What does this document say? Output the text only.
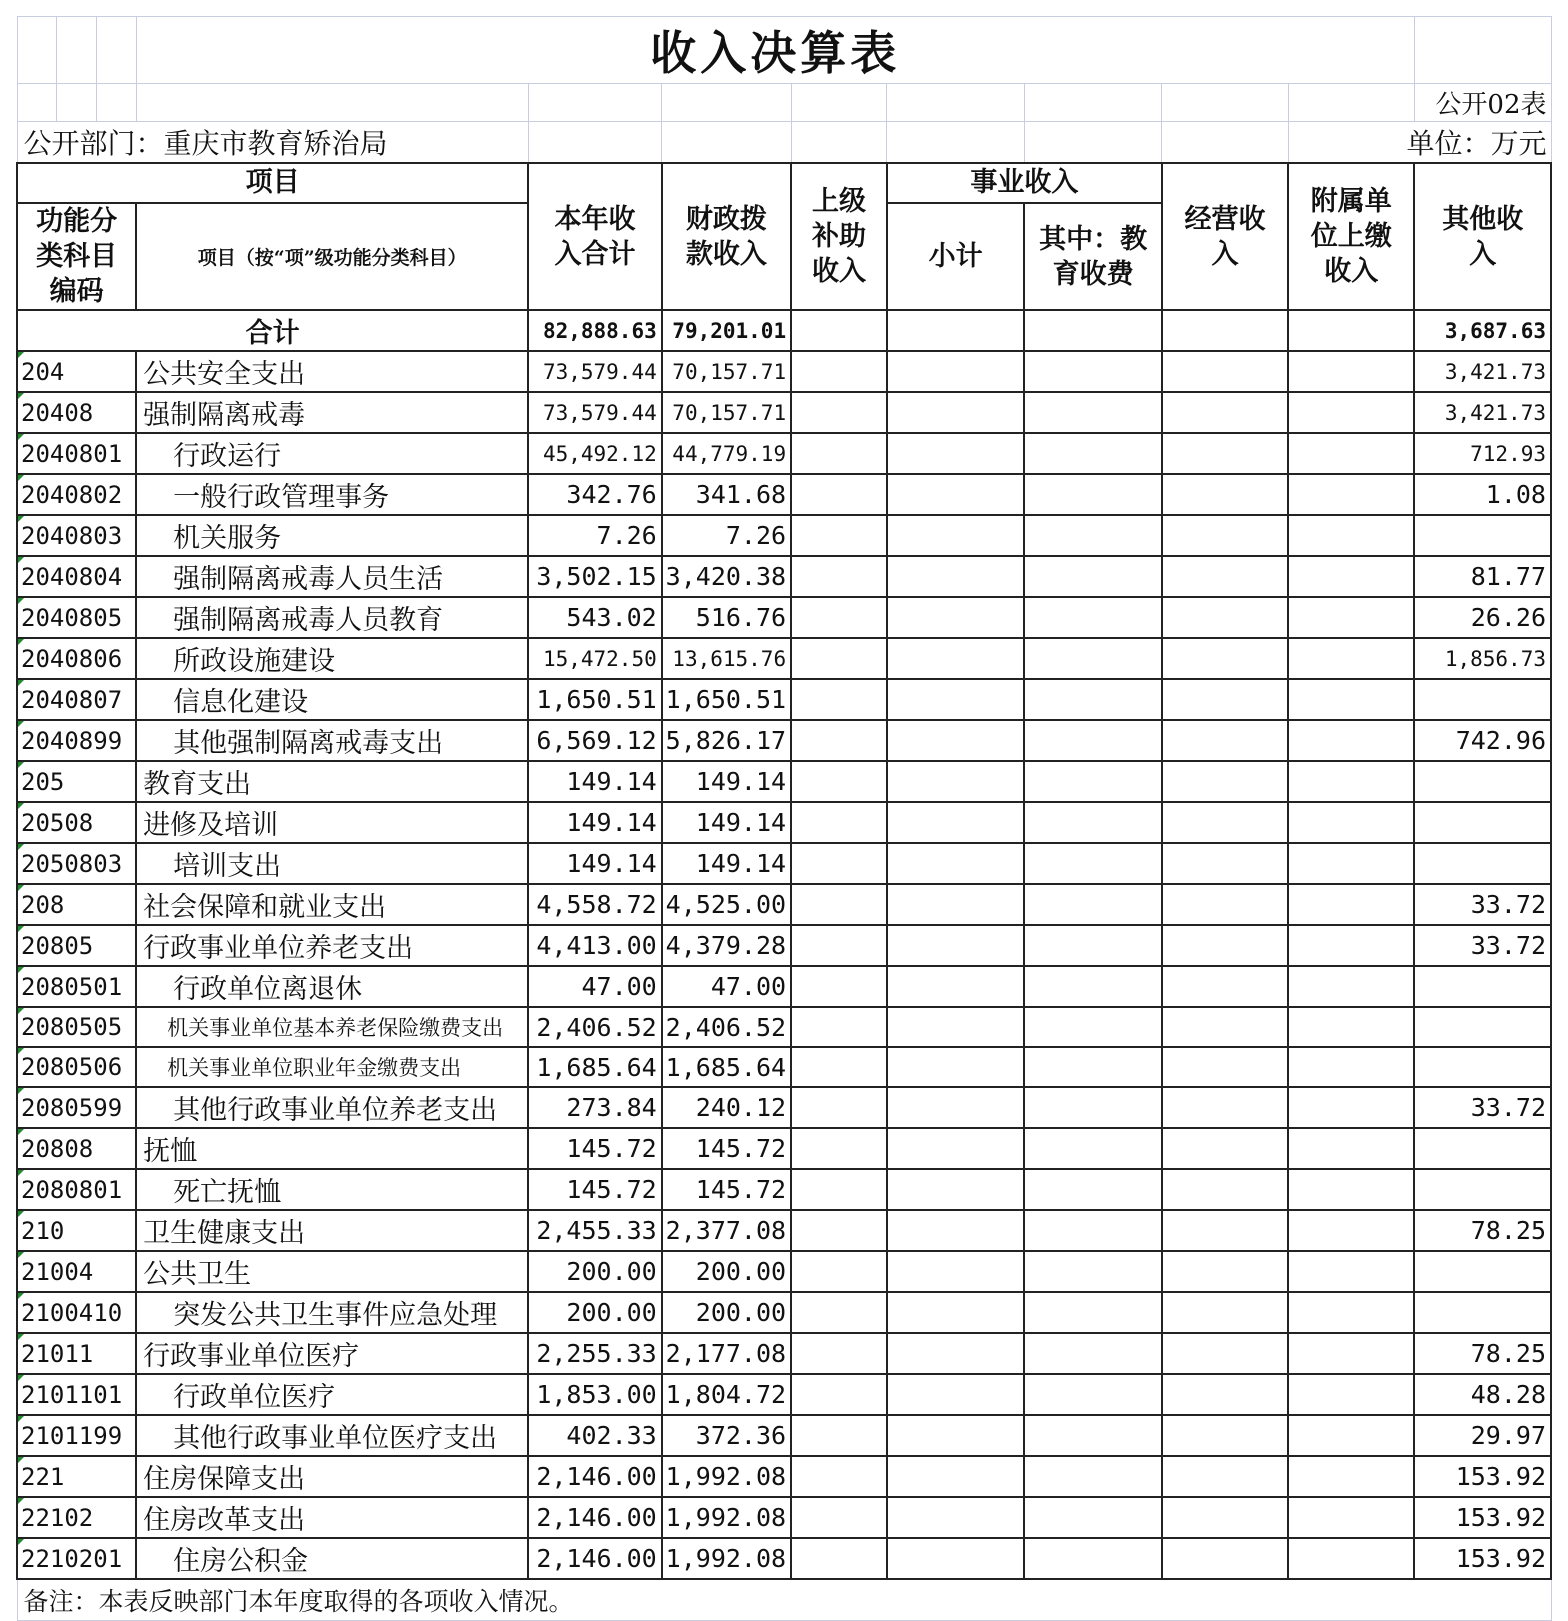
			收入决算表								
											公开02表
公开部门：重庆市教育矫治局										单位：万元	
项目				本年收入合计	财政拨款收入	上级补助收入	事业收入		经营收入	附属单位上缴收入	其他收入
功能分类科目编码			项目（按“项”级功能分类科目）				小计	其中：教育收费			
合计				82,888.63	79,201.01						3,687.63
204			公共安全支出	73,579.44	70,157.71						3,421.73
20408			强制隔离戒毒	73,579.44	70,157.71						3,421.73
2040801			行政运行	45,492.12	44,779.19						712.93
2040802			一般行政管理事务	342.76	341.68						1.08
2040803			机关服务	7.26	7.26						
2040804			强制隔离戒毒人员生活	3,502.15	3,420.38						81.77
2040805			强制隔离戒毒人员教育	543.02	516.76						26.26
2040806			所政设施建设	15,472.50	13,615.76						1,856.73
2040807			信息化建设	1,650.51	1,650.51						
2040899			其他强制隔离戒毒支出	6,569.12	5,826.17						742.96
205			教育支出	149.14	149.14						
20508			进修及培训	149.14	149.14						
2050803			培训支出	149.14	149.14						
208			社会保障和就业支出	4,558.72	4,525.00						33.72
20805			行政事业单位养老支出	4,413.00	4,379.28						33.72
2080501			行政单位离退休	47.00	47.00						
2080505			机关事业单位基本养老保险缴费支出	2,406.52	2,406.52						
2080506			机关事业单位职业年金缴费支出	1,685.64	1,685.64						
2080599			其他行政事业单位养老支出	273.84	240.12						33.72
20808			抚恤	145.72	145.72						
2080801			死亡抚恤	145.72	145.72						
210			卫生健康支出	2,455.33	2,377.08						78.25
21004			公共卫生	200.00	200.00						
2100410			突发公共卫生事件应急处理	200.00	200.00						
21011			行政事业单位医疗	2,255.33	2,177.08						78.25
2101101			行政单位医疗	1,853.00	1,804.72						48.28
2101199			其他行政事业单位医疗支出	402.33	372.36						29.97
221			住房保障支出	2,146.00	1,992.08						153.92
22102			住房改革支出	2,146.00	1,992.08						153.92
2210201			住房公积金	2,146.00	1,992.08						153.92
备注：本表反映部门本年度取得的各项收入情况。											
